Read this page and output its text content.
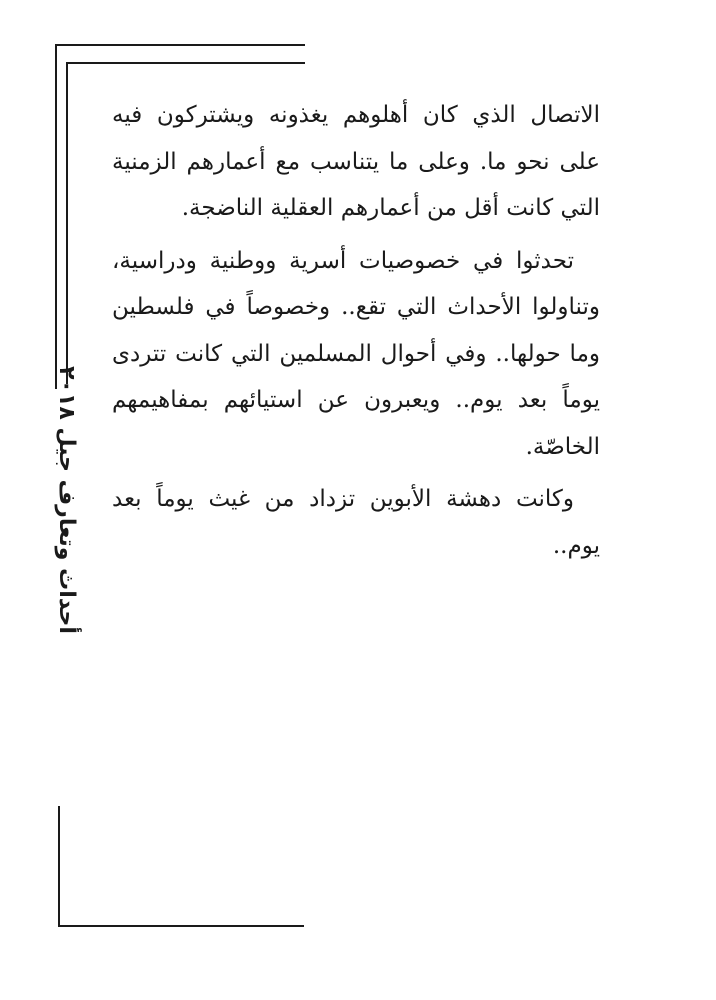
أحداث وتعارف جيل ٢٠١٨

الاتصال الذي كان أهلوهم يغذونه ويشتركون فيه على نحو ما. وعلى ما يتناسب مع أعمارهم الزمنية التي كانت أقل من أعمارهم العقلية الناضجة.

تحدثوا في خصوصيات أسرية ووطنية ودراسية، وتناولوا الأحداث التي تقع.. وخصوصاً في فلسطين وما حولها.. وفي أحوال المسلمين التي كانت تتردى يوماً بعد يوم.. ويعبرون عن استيائهم بمفاهيمهم الخاصّة.

وكانت دهشة الأبوين تزداد من غيث يوماً بعد يوم..
